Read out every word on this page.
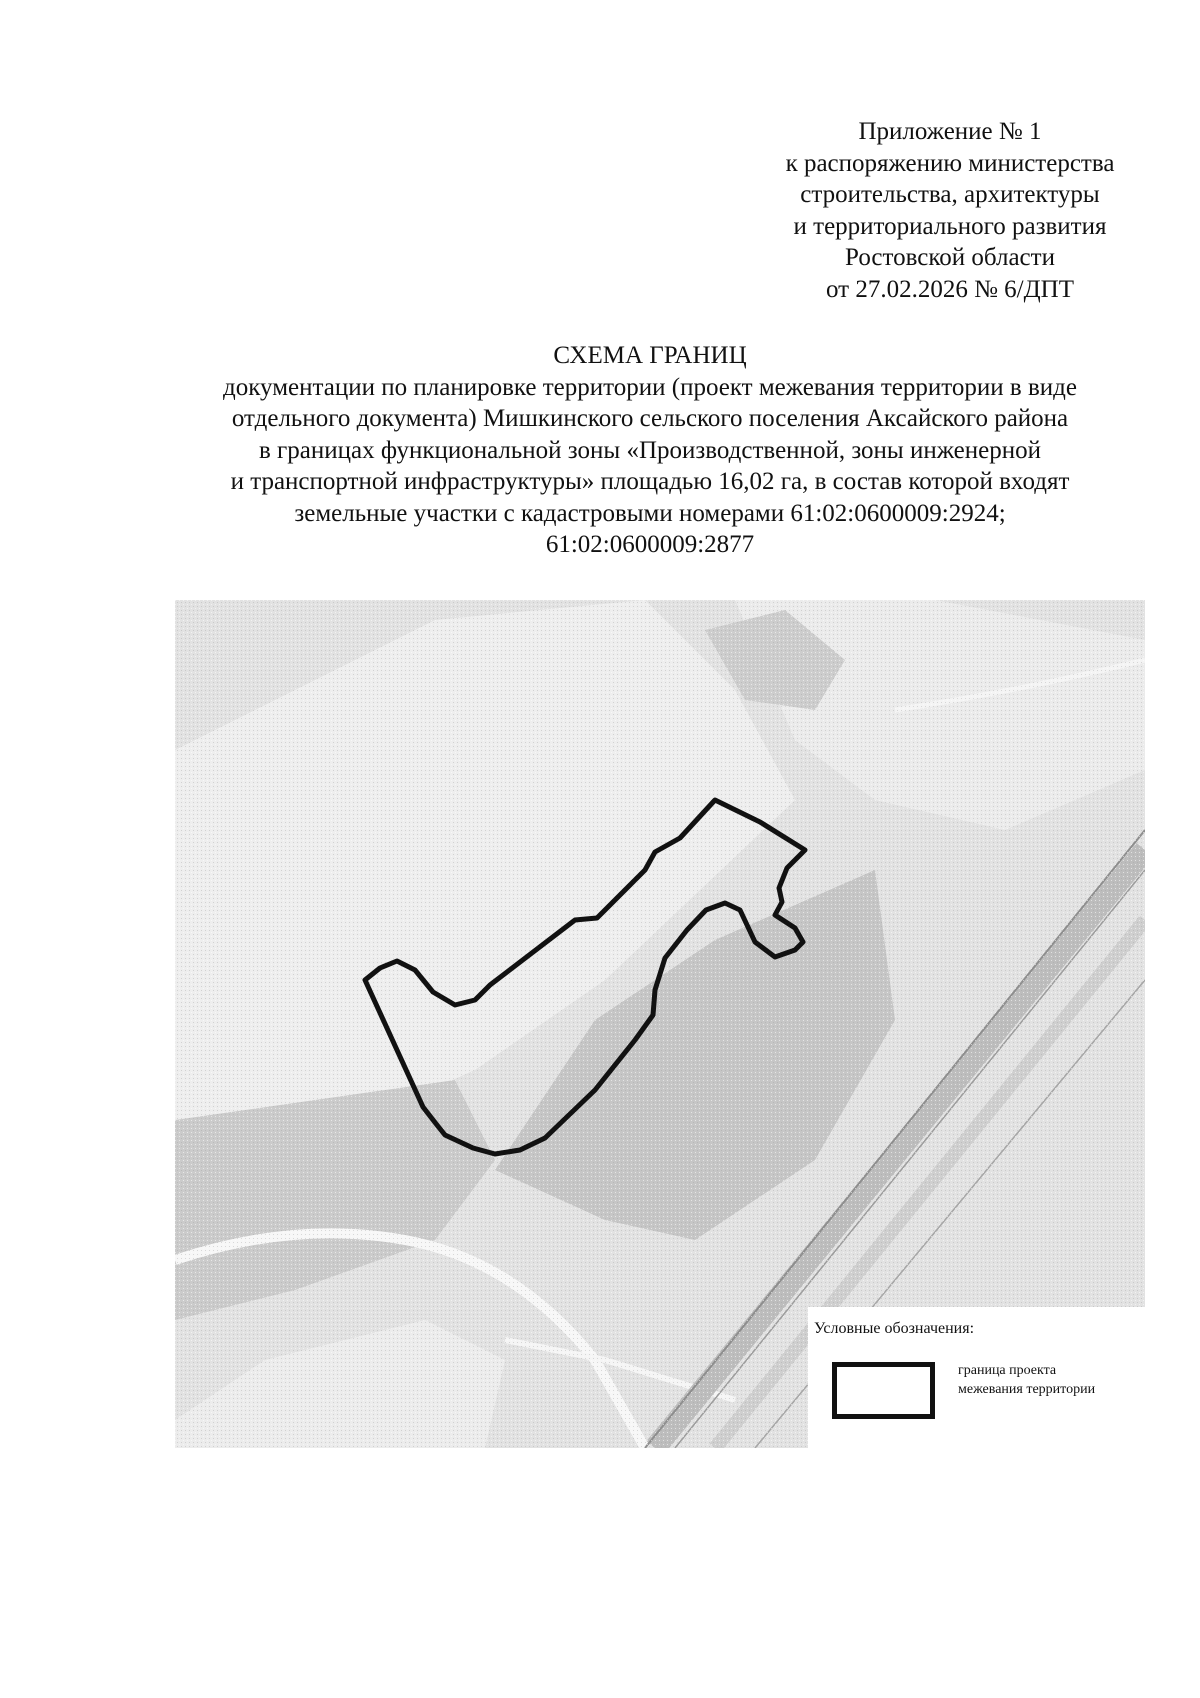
Приложение № 1
к распоряжению министерства
строительства, архитектуры
и территориального развития
Ростовской области
от 27.02.2026 № 6/ДПТ
СХЕМА ГРАНИЦ
документации по планировке территории (проект межевания территории в виде
отдельного документа) Мишкинского сельского поселения Аксайского района
в границах функциональной зоны «Производственной, зоны инженерной
и транспортной инфраструктуры» площадью 16,02 га, в состав которой входят
земельные участки с кадастровыми номерами 61:02:0600009:2924;
61:02:0600009:2877
Условные обозначения:
граница проекта
межевания территории
